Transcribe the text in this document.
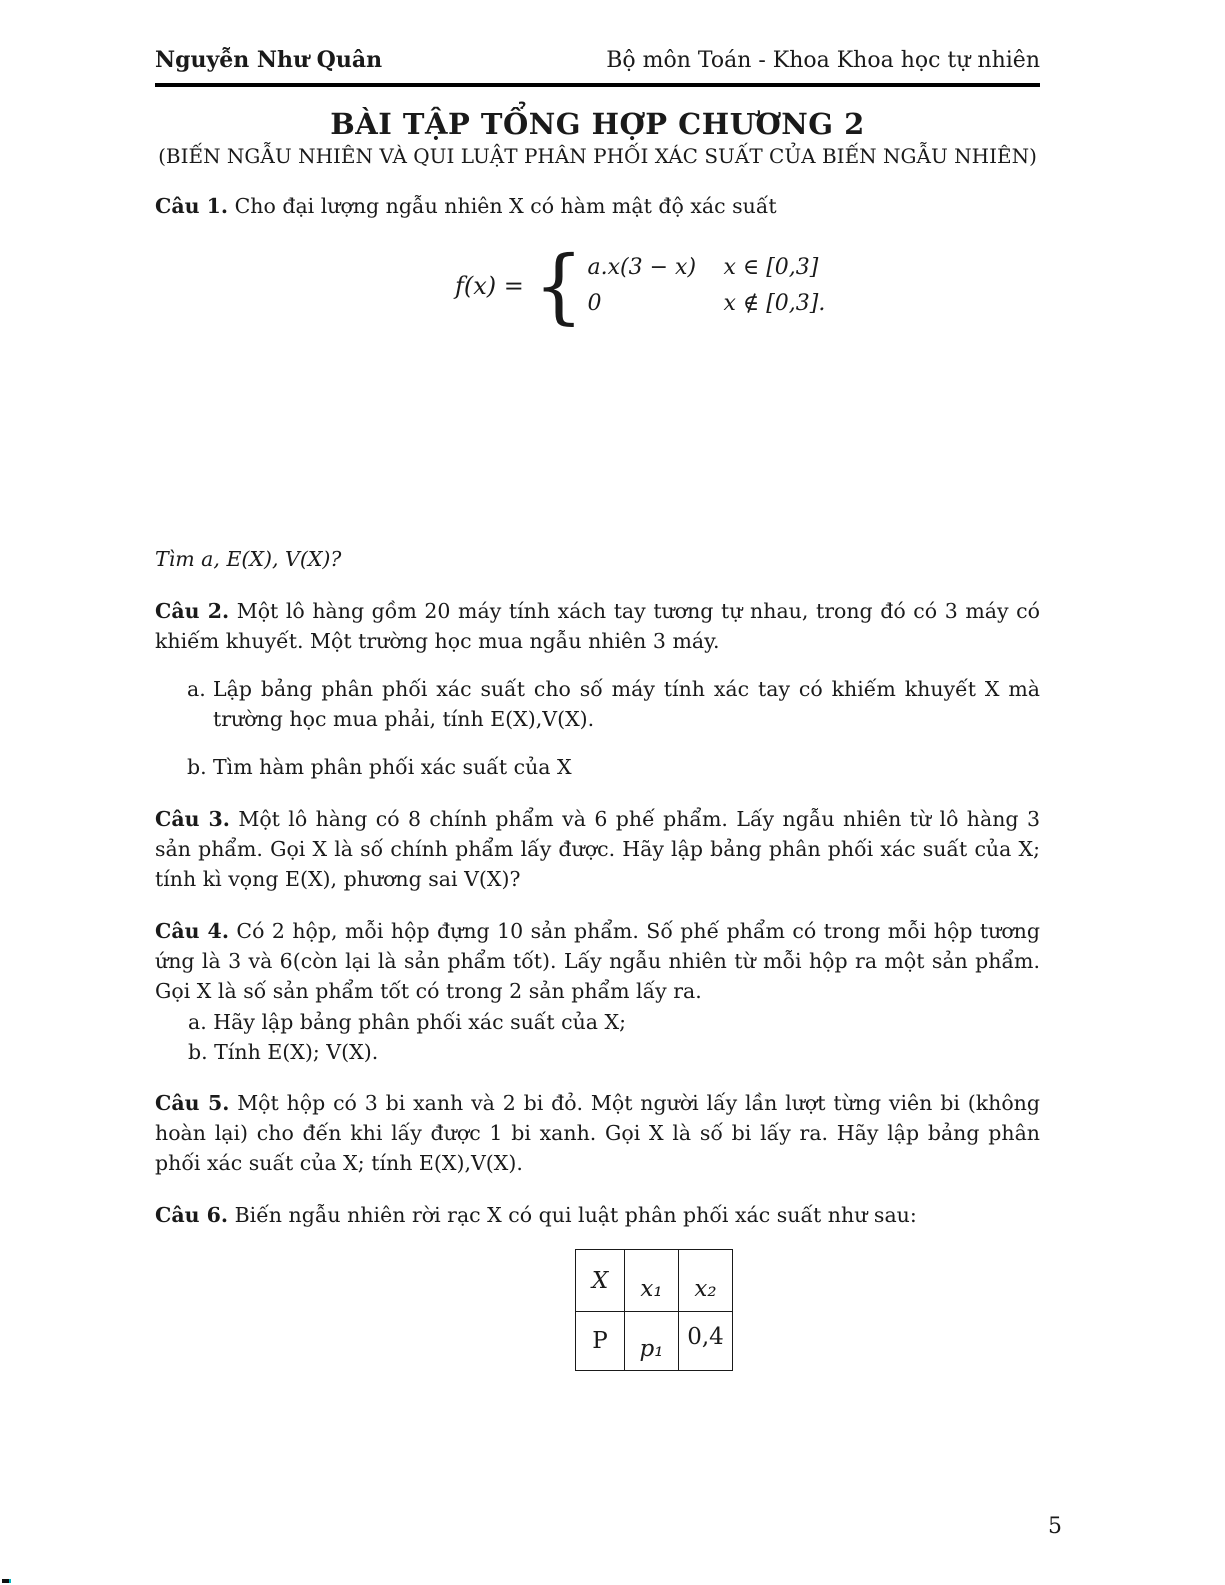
Nguyễn Như Quân	Bộ môn Toán - Khoa Khoa học tự nhiên
BÀI TẬP TỔNG HỢP CHƯƠNG 2
(BIẾN NGẪU NHIÊN VÀ QUI LUẬT PHÂN PHỐI XÁC SUẤT CỦA BIẾN NGẪU NHIÊN)

Câu 1. Cho đại lượng ngẫu nhiên X có hàm mật độ xác suất

f(x) = { a.x(3 − x)	x ∈ [0,3]
0	x ∉ [0,3].

Tìm a, E(X), V(X)?

Câu 2. Một lô hàng gồm 20 máy tính xách tay tương tự nhau, trong đó có 3 máy có khiếm khuyết. Một trường học mua ngẫu nhiên 3 máy.

a. Lập bảng phân phối xác suất cho số máy tính xác tay có khiếm khuyết X mà trường học mua phải, tính E(X),V(X).
b. Tìm hàm phân phối xác suất của X

Câu 3. Một lô hàng có 8 chính phẩm và 6 phế phẩm. Lấy ngẫu nhiên từ lô hàng 3 sản phẩm. Gọi X là số chính phẩm lấy được. Hãy lập bảng phân phối xác suất của X; tính kì vọng E(X), phương sai V(X)?

Câu 4. Có 2 hộp, mỗi hộp đựng 10 sản phẩm. Số phế phẩm có trong mỗi hộp tương ứng là 3 và 6(còn lại là sản phẩm tốt). Lấy ngẫu nhiên từ mỗi hộp ra một sản phẩm. Gọi X là số sản phẩm tốt có trong 2 sản phẩm lấy ra.

a. Hãy lập bảng phân phối xác suất của X;
b. Tính E(X); V(X).

Câu 5. Một hộp có 3 bi xanh và 2 bi đỏ. Một người lấy lần lượt từng viên bi (không hoàn lại) cho đến khi lấy được 1 bi xanh. Gọi X là số bi lấy ra. Hãy lập bảng phân phối xác suất của X; tính E(X),V(X).

Câu 6. Biến ngẫu nhiên rời rạc X có qui luật phân phối xác suất như sau:

X	x₁	x₂
P	p₁	0,4
5
